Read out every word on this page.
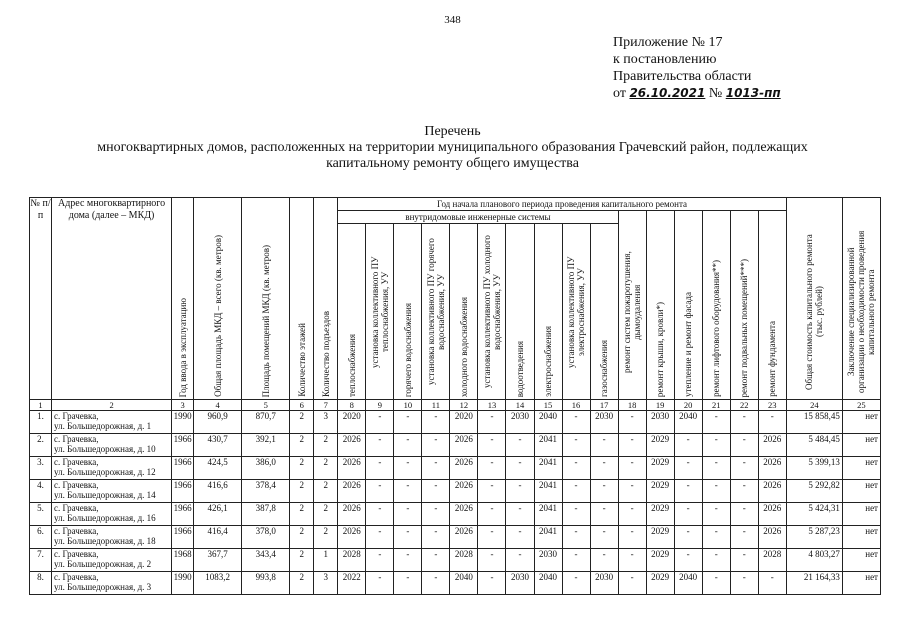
348
Приложение № 17
к постановлению
Правительства области
от 26.10.2021 № 1013-пп
Перечень
многоквартирных домов, расположенных на территории муниципального образования Грачевский район, подлежащих
капитальному ремонту общего имущества
№ п/п	Адрес многоквартирного дома (далее – МКД)	Год ввода в эксплуатацию	Общая площадь МКД – всего (кв. метров)	Площадь помещений МКД (кв. метров)	Количество этажей	Количество подъездов	Год начала планового периода проведения капитального ремонта																Общая стоимость капитального ремонта (тыс. рублей)	Заключение специализированной организации о необходимости проведения капитального ремонта
							внутридомовые инженерные системы										ремонт систем пожаротушения, дымоудаления	ремонт крыши, кровли*)	утепление и ремонт фасада	ремонт лифтового оборудования**)	ремонт подвальных помещений***)	ремонт фундамента		
							теплоснабжения	установка коллективного ПУ теплоснабжения, УУ	горячего водоснабжения	установка коллективного ПУ горячего водоснабжения, УУ	холодного водоснабжения	установка коллективного ПУ холодного водоснабжения, УУ	водоотведения	электроснабжения	установка коллективного ПУ электроснабжения, УУ	газоснабжения								
1	2	3	4	5	6	7	8	9	10	11	12	13	14	15	16	17	18	19	20	21	22	23	24	25
1.	с. Грачевка,
ул. Большедорожная, д. 1	1990	960,9	870,7	2	3	2020	-	-	-	2020	-	2030	2040	-	2030	-	2030	2040	-	-	-	15 858,45	нет
2.	с. Грачевка,
ул. Большедорожная, д. 10	1966	430,7	392,1	2	2	2026	-	-	-	2026	-	-	2041	-	-	-	2029	-	-	-	2026	5 484,45	нет
3.	с. Грачевка,
ул. Большедорожная, д. 12	1966	424,5	386,0	2	2	2026	-	-	-	2026	-	-	2041	-	-	-	2029	-	-	-	2026	5 399,13	нет
4.	с. Грачевка,
ул. Большедорожная, д. 14	1966	416,6	378,4	2	2	2026	-	-	-	2026	-	-	2041	-	-	-	2029	-	-	-	2026	5 292,82	нет
5.	с. Грачевка,
ул. Большедорожная, д. 16	1966	426,1	387,8	2	2	2026	-	-	-	2026	-	-	2041	-	-	-	2029	-	-	-	2026	5 424,31	нет
6.	с. Грачевка,
ул. Большедорожная, д. 18	1966	416,4	378,0	2	2	2026	-	-	-	2026	-	-	2041	-	-	-	2029	-	-	-	2026	5 287,23	нет
7.	с. Грачевка,
ул. Большедорожная, д. 2	1968	367,7	343,4	2	1	2028	-	-	-	2028	-	-	2030	-	-	-	2029	-	-	-	2028	4 803,27	нет
8.	с. Грачевка,
ул. Большедорожная, д. 3	1990	1083,2	993,8	2	3	2022	-	-	-	2040	-	2030	2040	-	2030	-	2029	2040	-	-	-	21 164,33	нет
